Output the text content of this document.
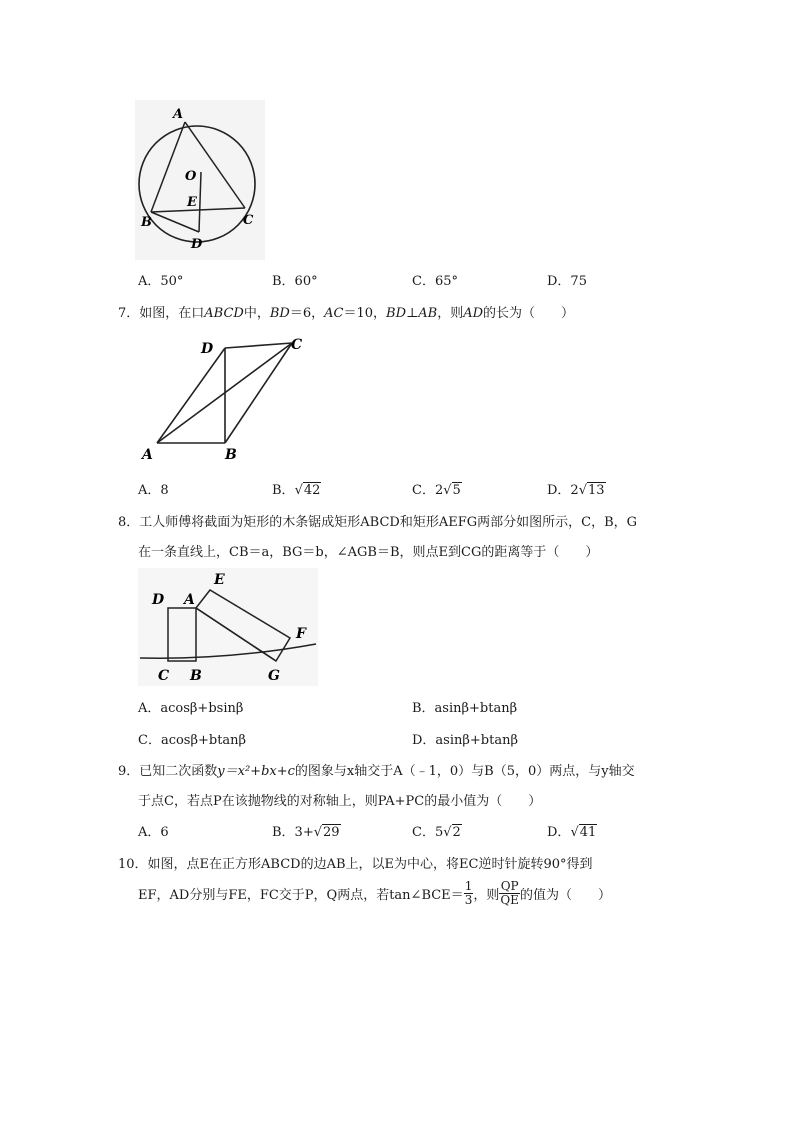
A
O
E
B	C
D
A．50°	B．60°	C．65°	D．75
7．如图，在口ABCD中，BD＝6，AC＝10，BD⊥AB，则AD的长为（　　）
D	C
A	B
A．8	B．√42	C．2√5	D．2√13
8．工人师傅将截面为矩形的木条锯成矩形ABCD和矩形AEFG两部分如图所示，C，B，G
在一条直线上，CB＝a，BG＝b，∠AGB＝B，则点E到CG的距离等于（　　）
E
D A
F
C B	G
A．acosβ+bsinβ	B．asinβ+btanβ
C．acosβ+btanβ	D．asinβ+btanβ
9．已知二次函数y＝x²+bx+c的图象与x轴交于A（﹣1，0）与B（5，0）两点，与y轴交
于点C，若点P在该抛物线的对称轴上，则PA+PC的最小值为（　　）
A．6	B．3+√29	C．5√2	D．√41
10．如图，点E在正方形ABCD的边AB上，以E为中心，将EC逆时针旋转90°得到
EF，AD分别与FE，FC交于P，Q两点，若tan∠BCE＝ $\frac{1}{3}$ ，则 $\frac{QP}{QE}$ 的值为（　　）
